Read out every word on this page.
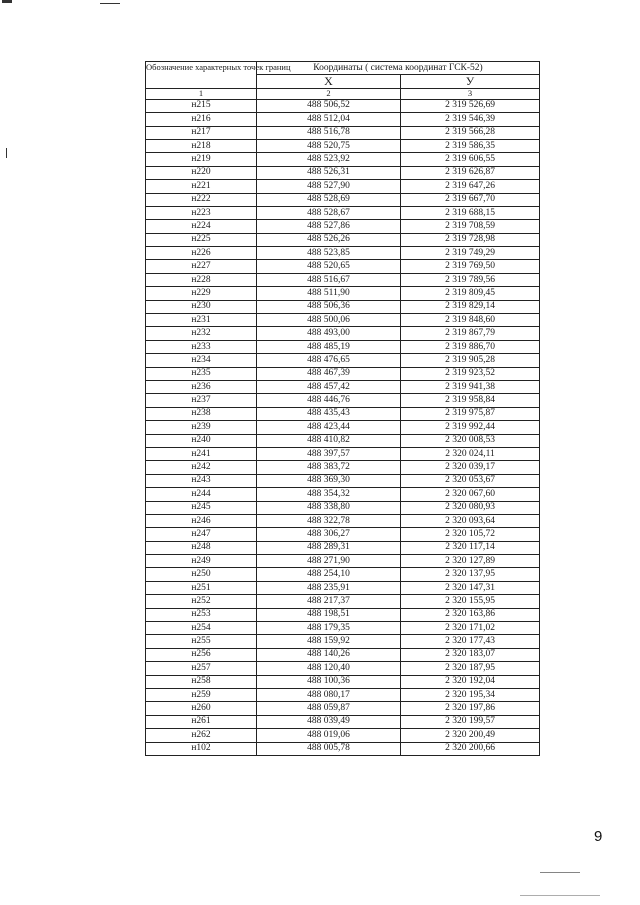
Обозначение характерных точек границ	Координаты ( система координат ГСК-52)	
	X	У
1	2	3
н215	488 506,52	2 319 526,69
н216	488 512,04	2 319 546,39
н217	488 516,78	2 319 566,28
н218	488 520,75	2 319 586,35
н219	488 523,92	2 319 606,55
н220	488 526,31	2 319 626,87
н221	488 527,90	2 319 647,26
н222	488 528,69	2 319 667,70
н223	488 528,67	2 319 688,15
н224	488 527,86	2 319 708,59
н225	488 526,26	2 319 728,98
н226	488 523,85	2 319 749,29
н227	488 520,65	2 319 769,50
н228	488 516,67	2 319 789,56
н229	488 511,90	2 319 809,45
н230	488 506,36	2 319 829,14
н231	488 500,06	2 319 848,60
н232	488 493,00	2 319 867,79
н233	488 485,19	2 319 886,70
н234	488 476,65	2 319 905,28
н235	488 467,39	2 319 923,52
н236	488 457,42	2 319 941,38
н237	488 446,76	2 319 958,84
н238	488 435,43	2 319 975,87
н239	488 423,44	2 319 992,44
н240	488 410,82	2 320 008,53
н241	488 397,57	2 320 024,11
н242	488 383,72	2 320 039,17
н243	488 369,30	2 320 053,67
н244	488 354,32	2 320 067,60
н245	488 338,80	2 320 080,93
н246	488 322,78	2 320 093,64
н247	488 306,27	2 320 105,72
н248	488 289,31	2 320 117,14
н249	488 271,90	2 320 127,89
н250	488 254,10	2 320 137,95
н251	488 235,91	2 320 147,31
н252	488 217,37	2 320 155,95
н253	488 198,51	2 320 163,86
н254	488 179,35	2 320 171,02
н255	488 159,92	2 320 177,43
н256	488 140,26	2 320 183,07
н257	488 120,40	2 320 187,95
н258	488 100,36	2 320 192,04
н259	488 080,17	2 320 195,34
н260	488 059,87	2 320 197,86
н261	488 039,49	2 320 199,57
н262	488 019,06	2 320 200,49
н102	488 005,78	2 320 200,66
9
